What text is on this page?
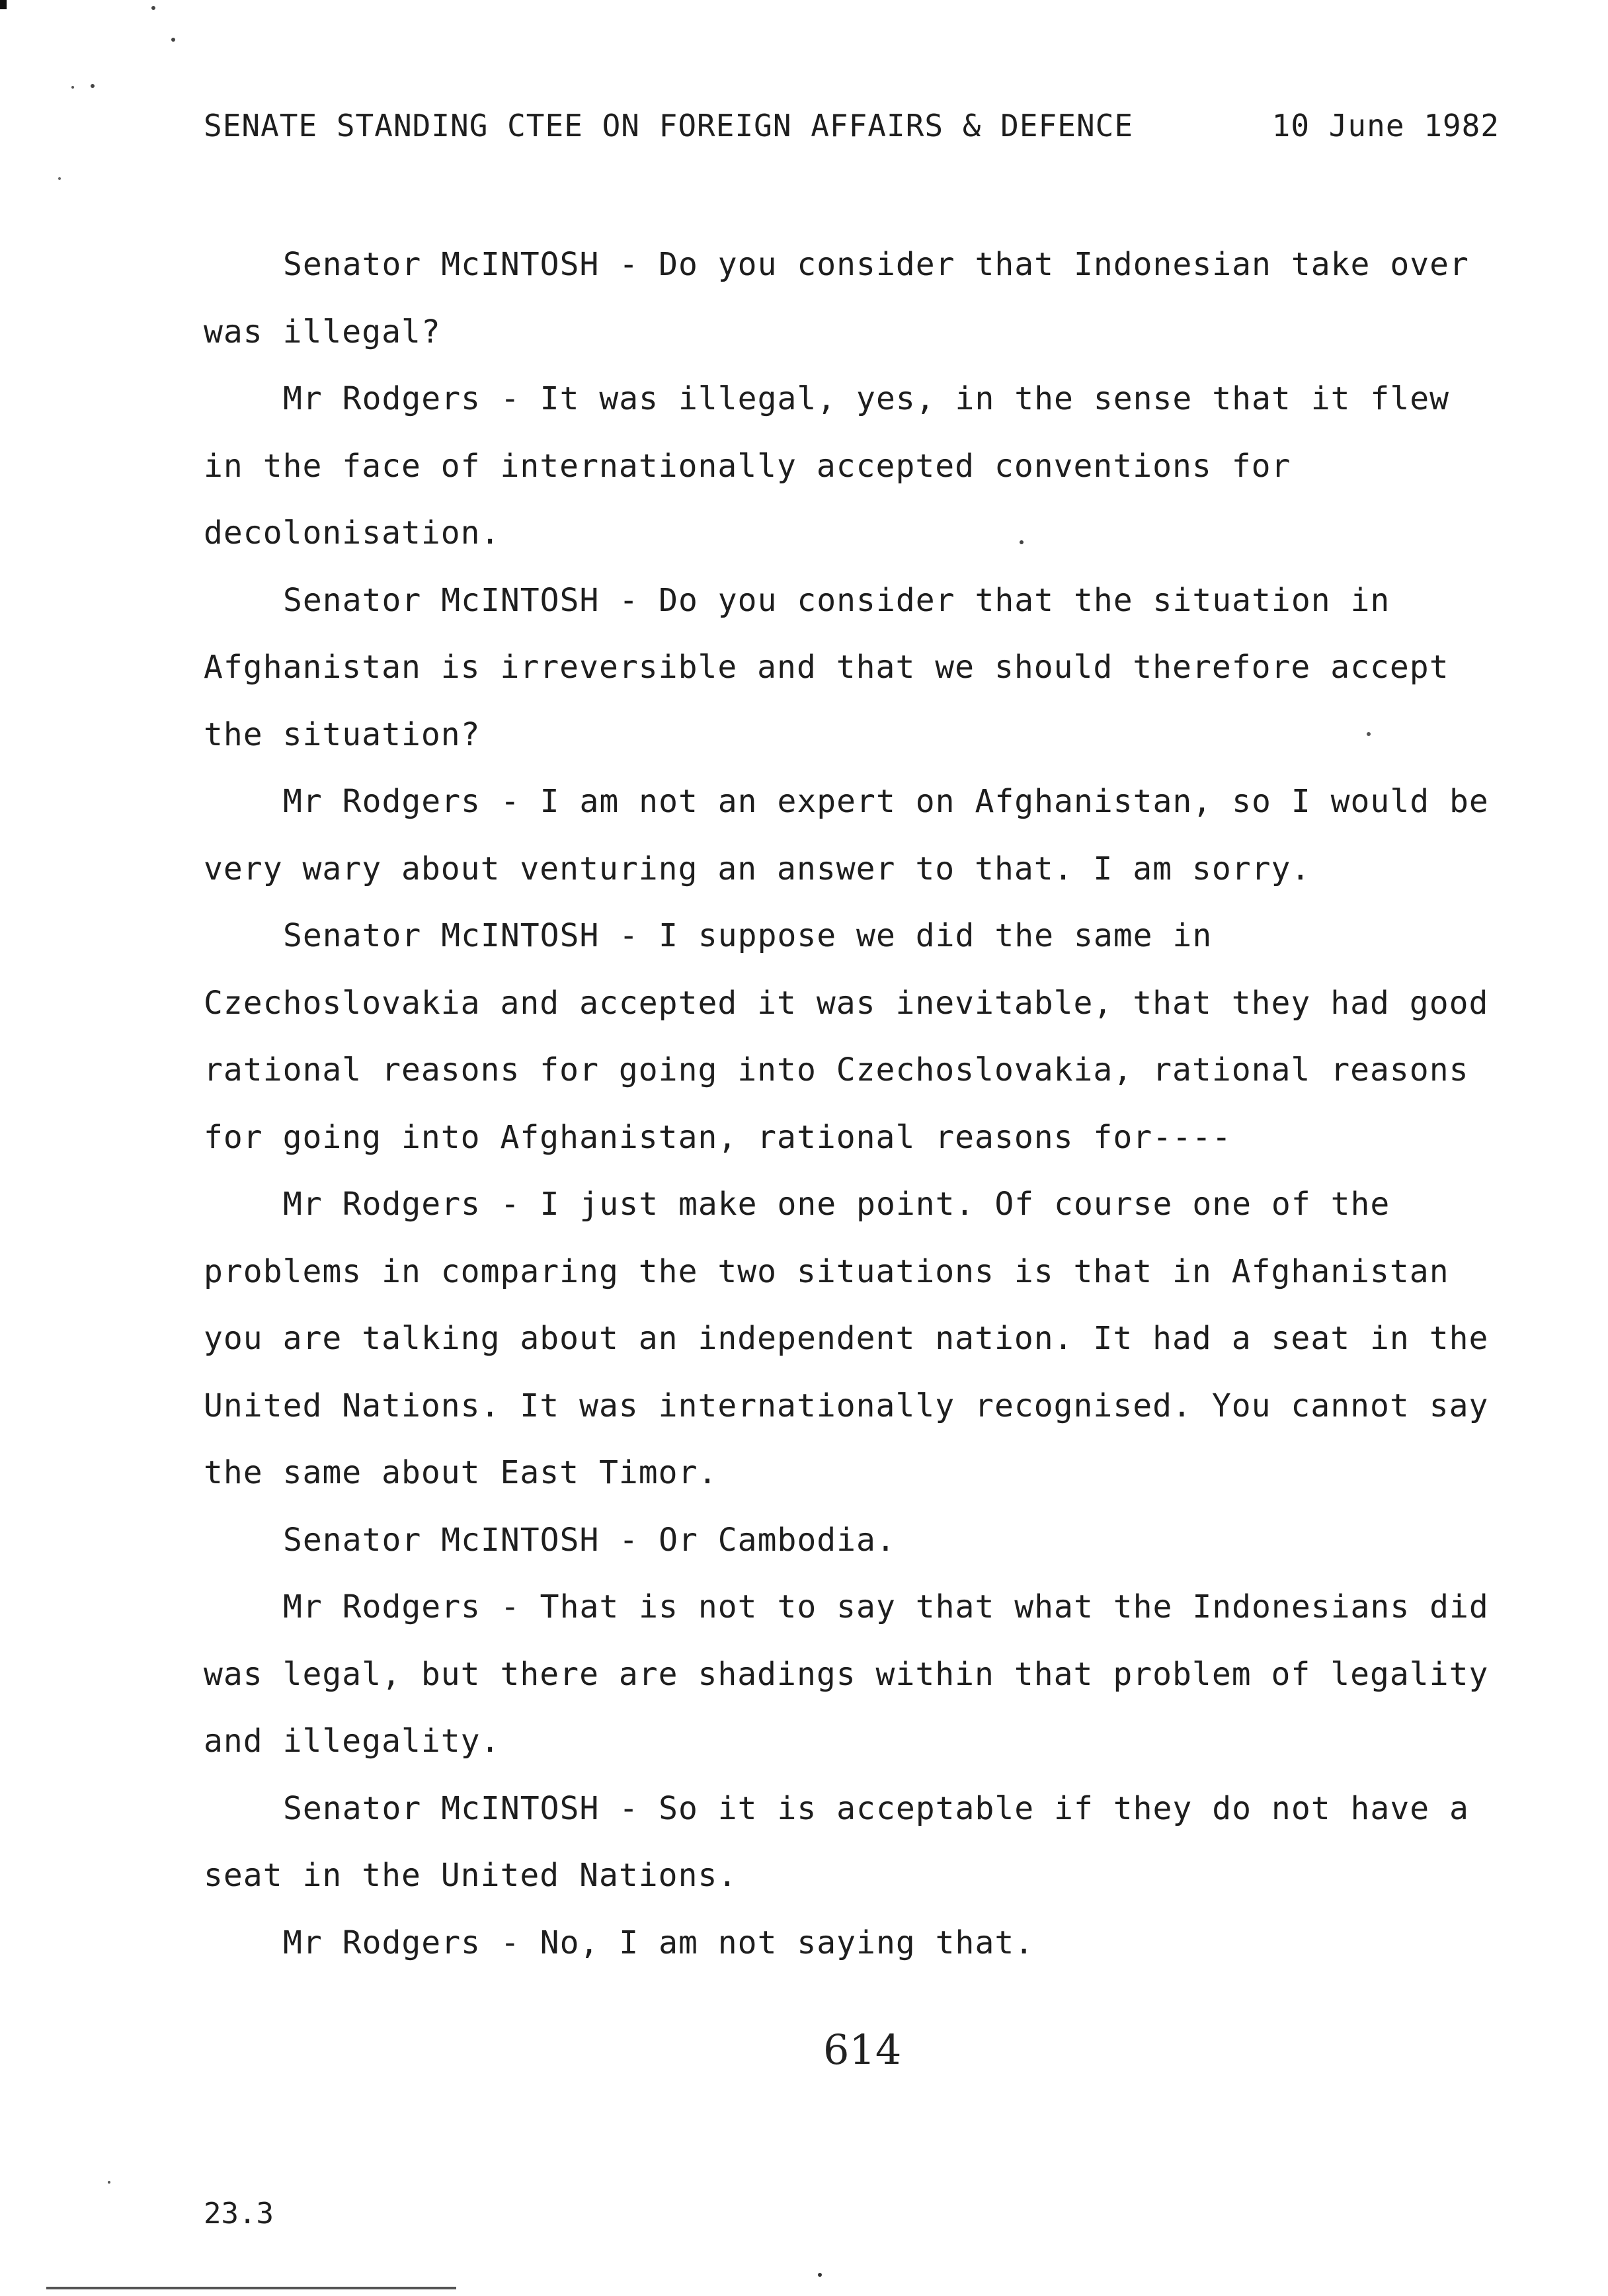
SENATE STANDING CTEE ON FOREIGN AFFAIRS & DEFENCE	10 June 1982

Senator McINTOSH - Do you consider that Indonesian take over was illegal?

Mr Rodgers - It was illegal, yes, in the sense that it flew in the face of internationally accepted conventions for decolonisation.

Senator McINTOSH - Do you consider that the situation in Afghanistan is irreversible and that we should therefore accept the situation?

Mr Rodgers - I am not an expert on Afghanistan, so I would be very wary about venturing an answer to that. I am sorry.

Senator McINTOSH - I suppose we did the same in Czechoslovakia and accepted it was inevitable, that they had good rational reasons for going into Czechoslovakia, rational reasons for going into Afghanistan, rational reasons for----

Mr Rodgers - I just make one point. Of course one of the problems in comparing the two situations is that in Afghanistan you are talking about an independent nation. It had a seat in the United Nations. It was internationally recognised. You cannot say the same about East Timor.

Senator McINTOSH - Or Cambodia.

Mr Rodgers - That is not to say that what the Indonesians did was legal, but there are shadings within that problem of legality and illegality.

Senator McINTOSH - So it is acceptable if they do not have a seat in the United Nations.

Mr Rodgers - No, I am not saying that.

614
23.3
